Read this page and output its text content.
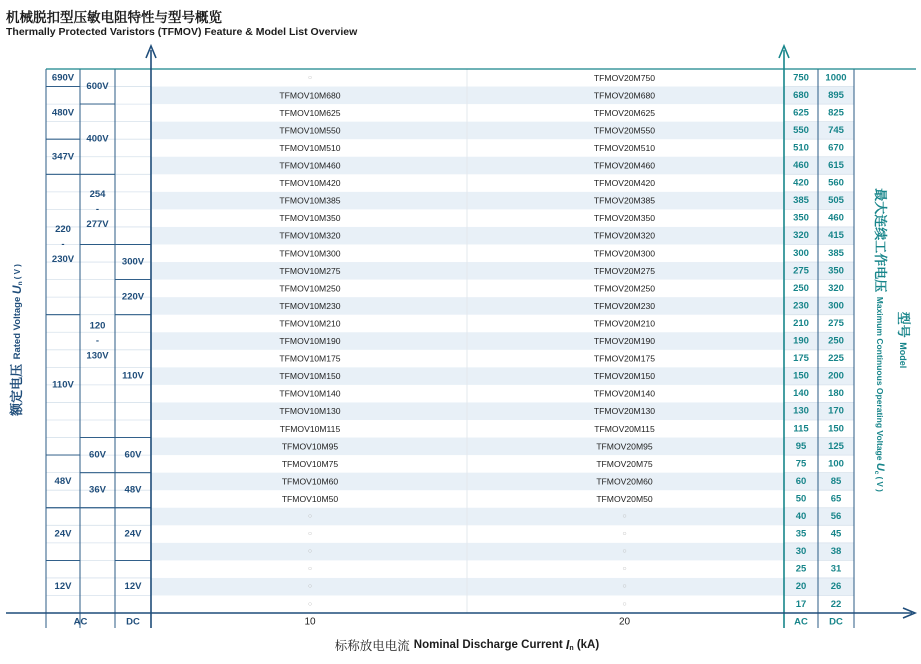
机械脱扣型压敏电阻特性与型号概览
Thermally Protected Varistors (TFMOV) Feature & Model List Overview
○	TFMOV20M750	750 1000
TFMOV10M680	TFMOV20M680	680 895
TFMOV10M625	TFMOV20M625	625 825
TFMOV10M550	TFMOV20M550	550 745
TFMOV10M510	TFMOV20M510	510 670
TFMOV10M460	TFMOV20M460	460 615
TFMOV10M420	TFMOV20M420	420 560
TFMOV10M385	TFMOV20M385	385 505
TFMOV10M350	TFMOV20M350	350 460
TFMOV10M320	TFMOV20M320	320 415
TFMOV10M300	TFMOV20M300	300 385
TFMOV10M275	TFMOV20M275	275 350
TFMOV10M250	TFMOV20M250	250 320
TFMOV10M230	TFMOV20M230	230 300
TFMOV10M210	TFMOV20M210	210 275
TFMOV10M190	TFMOV20M190	190 250
TFMOV10M175	TFMOV20M175	175 225
TFMOV10M150	TFMOV20M150	150 200
TFMOV10M140	TFMOV20M140	140 180
TFMOV10M130	TFMOV20M130	130 170
TFMOV10M115	TFMOV20M115	115 150
TFMOV10M95	TFMOV20M95	95 125
TFMOV10M75	TFMOV20M75	75 100
TFMOV10M60	TFMOV20M60	60	85
TFMOV10M50	TFMOV20M50	50	65
○	○	40	56
○	○	35	45
○	○	30	38
○	○	25	31
○	○	20	26
○	○	17	22
690V
480V
347V
220
-
230V
110V
48V
24V
12V
600V
400V
254
-
277V
120
-
130V
60V
36V
300V
220V
110V
60V
48V
24V
12V
AC	DC	AC DC
10	20
标称放电电流 Nominal Discharge Current $I_n$ (kA)
额定电压 Rated Voltage $U_n$ $^{( V )}$	最大连续工作电压 Maximum Continuous Operating Voltage $U_c$ $^{( V )}$
型号 Model
